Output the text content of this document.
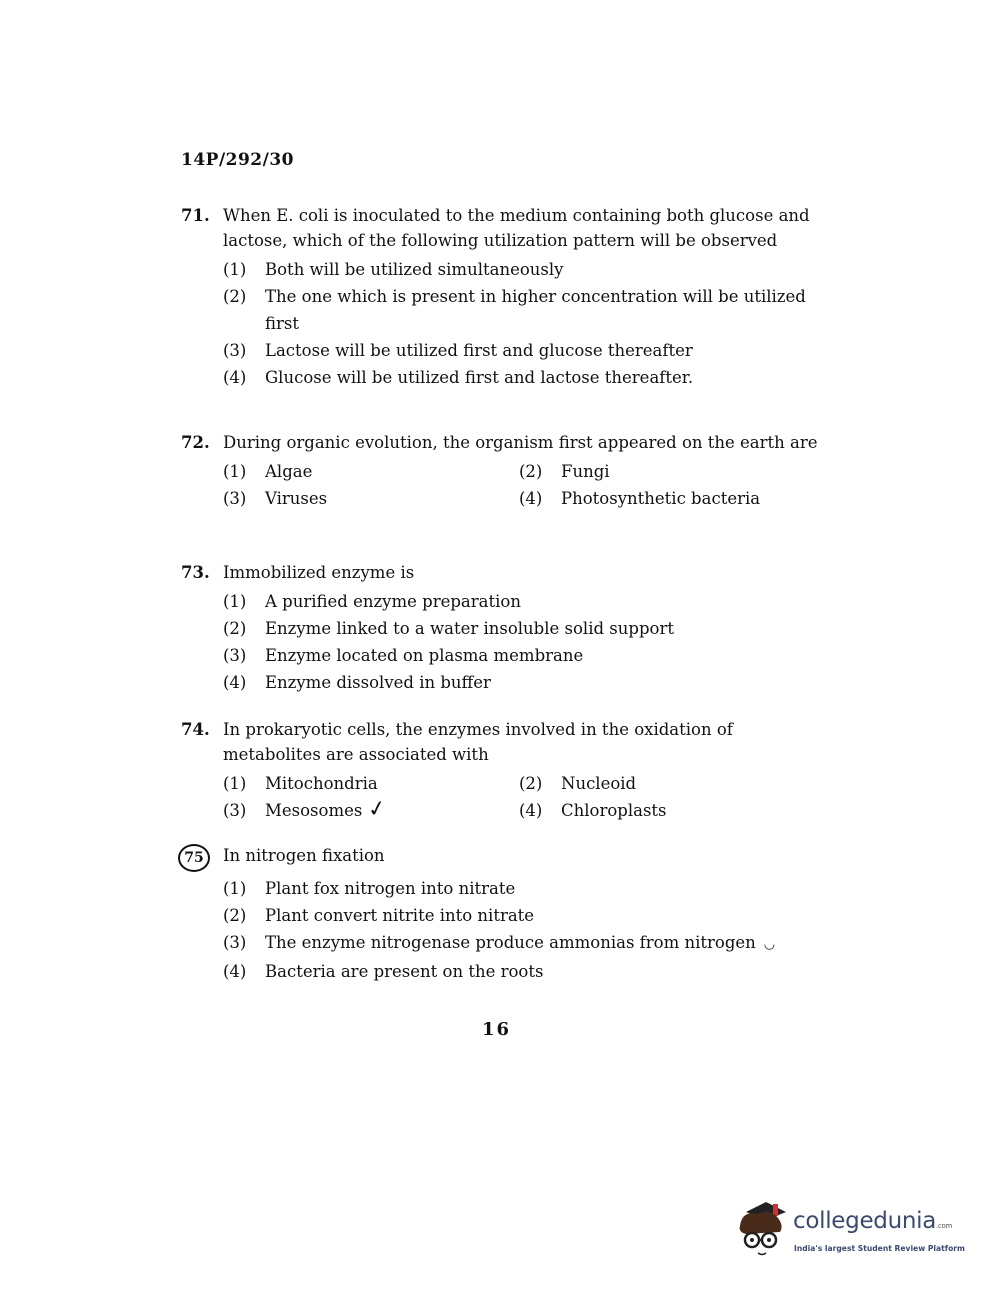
14P/292/30
71. When E. coli is inoculated to the medium containing both glucose and lactose, which of the following utilization pattern will be observed
(1)	Both will be utilized simultaneously
(2)	The one which is present in higher concentration will be utilized first
(3)	Lactose will be utilized first and glucose thereafter
(4)	Glucose will be utilized first and lactose thereafter.
72. During organic evolution, the organism first appeared on the earth are
(1)	Algae	(2)	Fungi
(3)	Viruses	(4)	Photosynthetic bacteria
73. Immobilized enzyme is
(1)	A purified enzyme preparation
(2)	Enzyme linked to a water insoluble solid support
(3)	Enzyme located on plasma membrane
(4)	Enzyme dissolved in buffer
74. In prokaryotic cells, the enzymes involved in the oxidation of metabolites are associated with
(1)	Mitochondria	(2)	Nucleoid
(3)	Mesosomes ✓	(4)	Chloroplasts
75	In nitrogen fixation
(1)	Plant fox nitrogen into nitrate
(2)	Plant convert nitrite into nitrate
(3)	The enzyme nitrogenase produce ammonias from nitrogen ◡
(4)	Bacteria are present on the roots
16
collegedunia.com
India's largest Student Review Platform
